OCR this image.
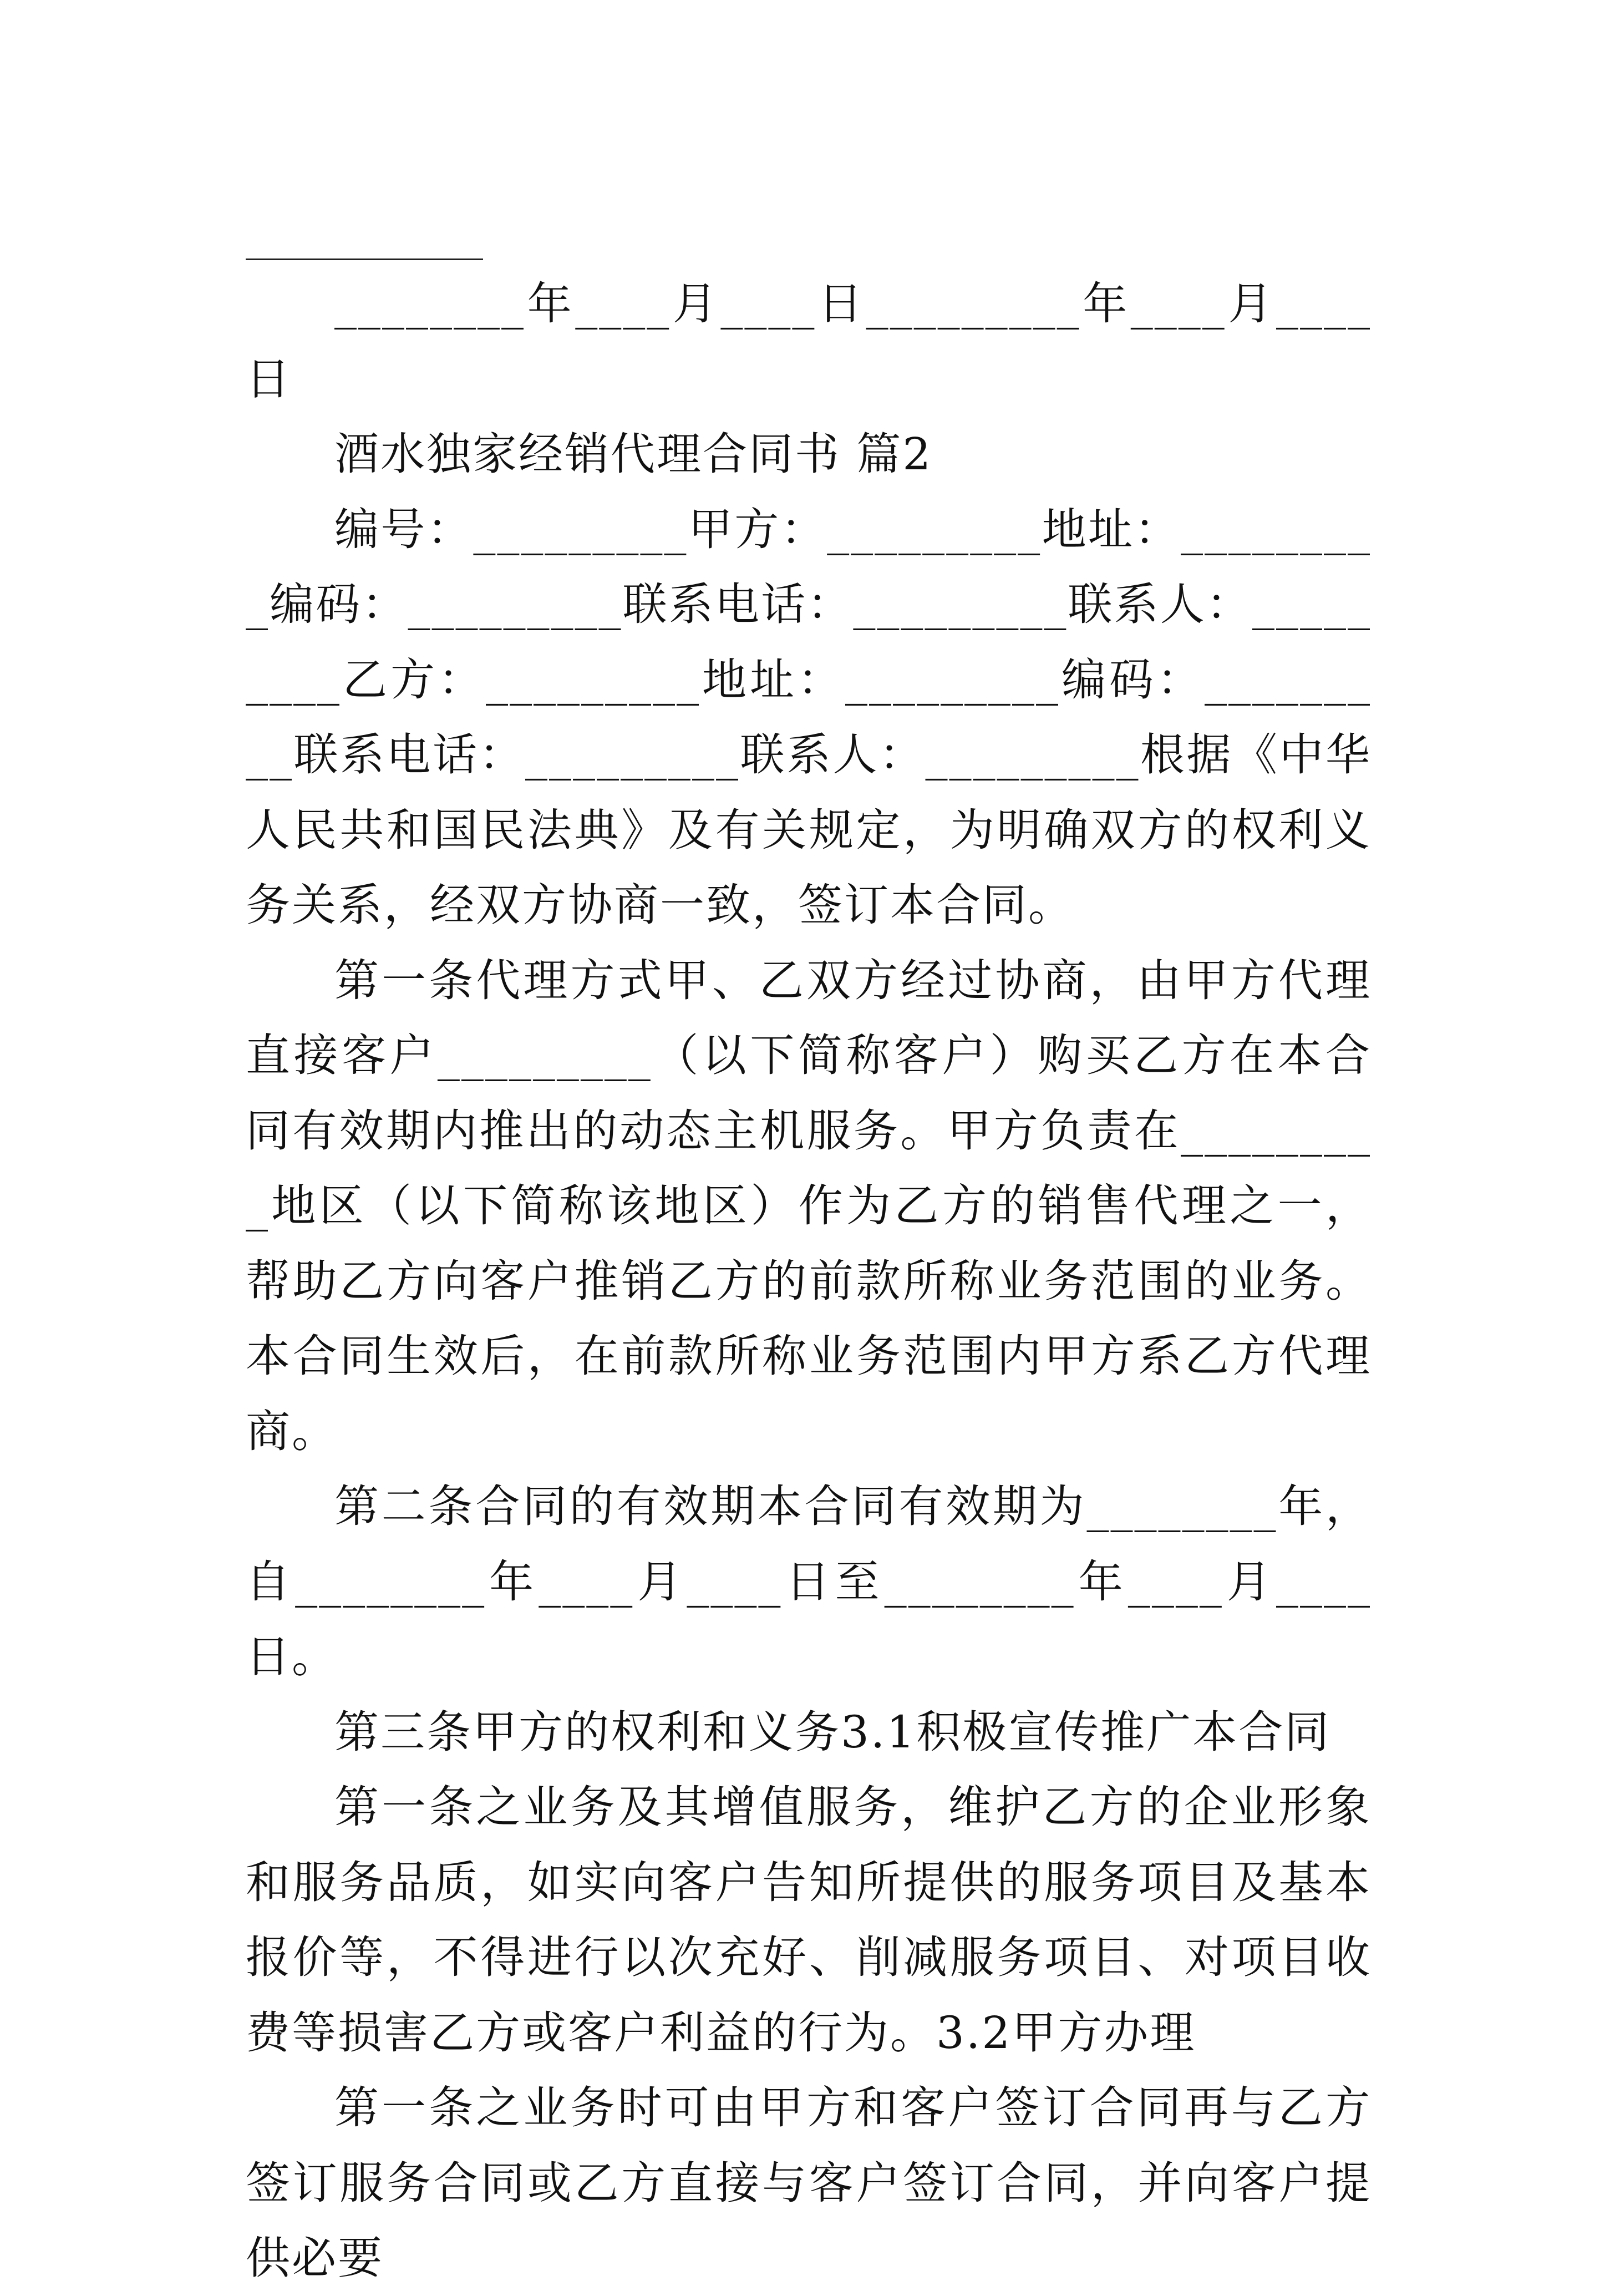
________年____月____日_________年____月____日

酒水独家经销代理合同书 篇2

编号：_________甲方：_________地址：_________编码：_________联系电话：_________联系人：_________乙方：_________地址：_________编码：_________联系电话：_________联系人：_________根据《中华人民共和国民法典》及有关规定，为明确双方的权利义务关系，经双方协商一致，签订本合同。

第一条代理方式甲、乙双方经过协商，由甲方代理直接客户_________（以下简称客户）购买乙方在本合同有效期内推出的动态主机服务。甲方负责在_________地区（以下简称该地区）作为乙方的销售代理之一，帮助乙方向客户推销乙方的前款所称业务范围的业务。本合同生效后，在前款所称业务范围内甲方系乙方代理商。

第二条合同的有效期本合同有效期为________年，自________年____月____日至________年____月____日。

第三条甲方的权利和义务3.1积极宣传推广本合同

第一条之业务及其增值服务，维护乙方的企业形象和服务品质，如实向客户告知所提供的服务项目及基本报价等，不得进行以次充好、削减服务项目、对项目收费等损害乙方或客户利益的行为。3.2甲方办理

第一条之业务时可由甲方和客户签订合同再与乙方签订服务合同或乙方直接与客户签订合同，并向客户提供必要
